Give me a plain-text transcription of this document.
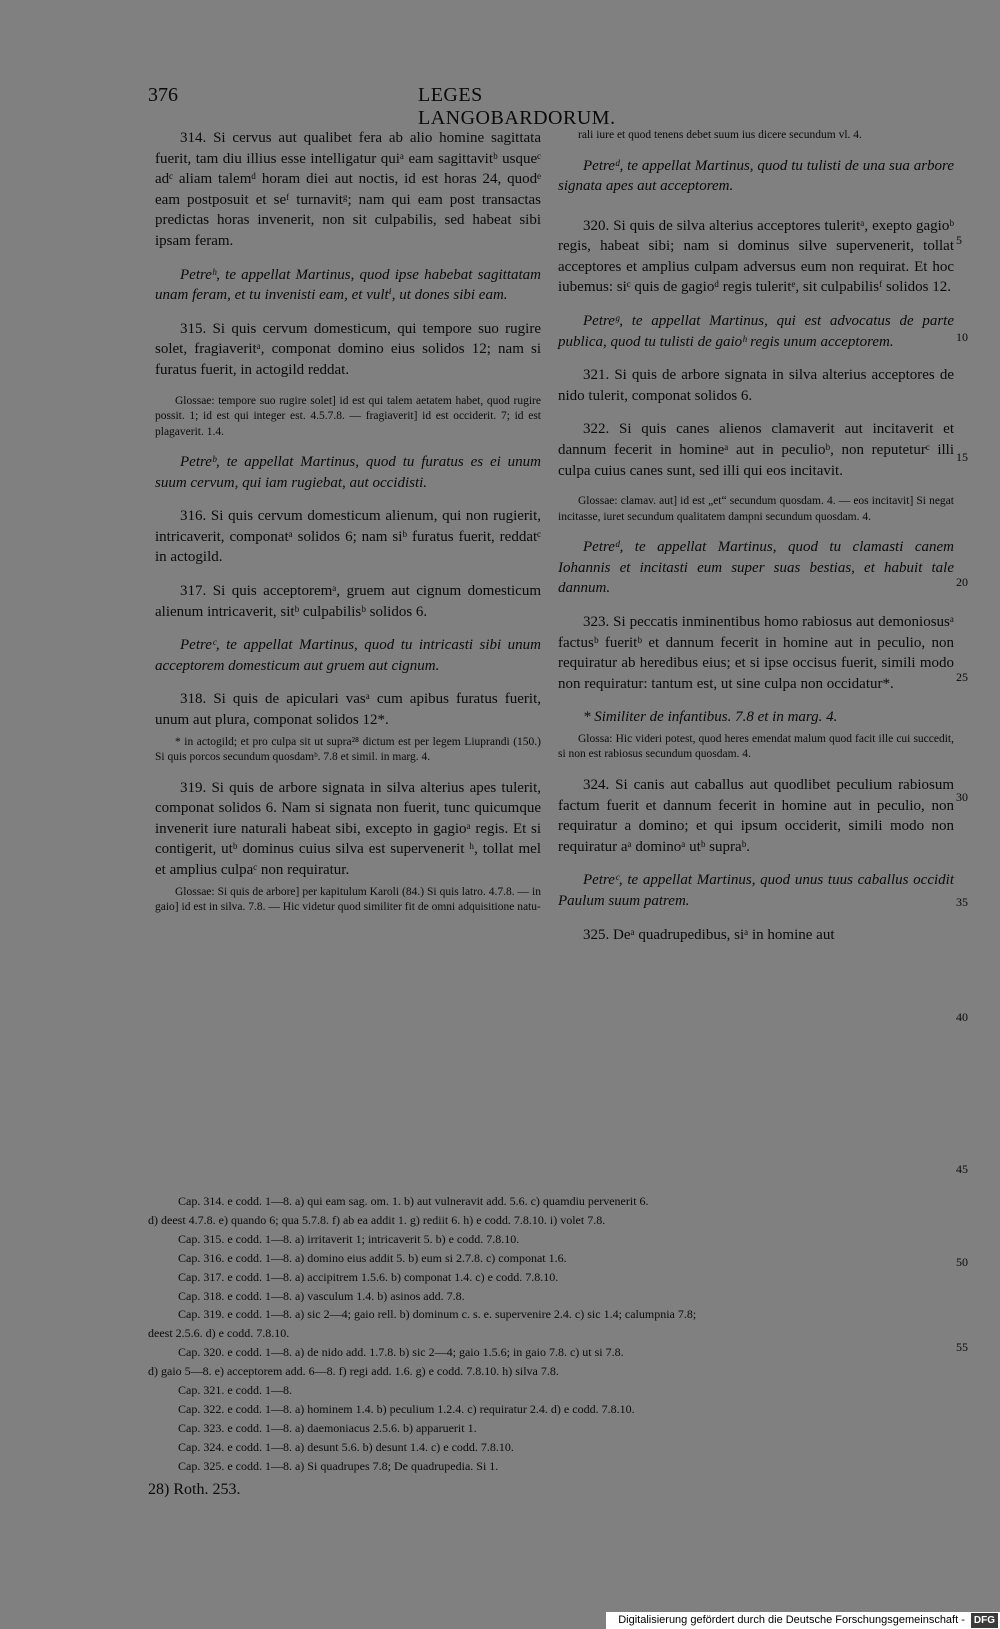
376	LEGES LANGOBARDORUM.
314. Si cervus aut qualibet fera ab alio homine sagittata fuerit, tam diu illius esse intelligatur quiᵃ eam sagittavitᵇ usqueᶜ adᶜ aliam talemᵈ horam diei aut noctis, id est horas 24, quodᵉ eam postposuit et seᶠ turnavitᵍ; nam qui eam post transactas predictas horas invenerit, non sit culpabilis, sed habeat sibi ipsam feram.
Petreʰ, te appellat Martinus, quod ipse habebat sagittatam unam feram, et tu invenisti eam, et vultⁱ, ut dones sibi eam.
315. Si quis cervum domesticum, qui tempore suo rugire solet, fragiaveritᵃ, componat domino eius solidos 12; nam si furatus fuerit, in actogild reddat.
Glossae: tempore suo rugire solet] id est qui talem aetatem habet, quod rugire possit. 1; id est qui integer est. 4.5.7.8. — fragiaverit] id est occiderit. 7; id est plagaverit. 1.4.
Petreᵇ, te appellat Martinus, quod tu furatus es ei unum suum cervum, qui iam rugiebat, aut occidisti.
316. Si quis cervum domesticum alienum, qui non rugierit, intricaverit, componatᵃ solidos 6; nam siᵇ furatus fuerit, reddatᶜ in actogild.
317. Si quis acceptoremᵃ, gruem aut cignum domesticum alienum intricaverit, sitᵇ culpabilisᵇ solidos 6.
Petreᶜ, te appellat Martinus, quod tu intricasti sibi unum acceptorem domesticum aut gruem aut cignum.
318. Si quis de apiculari vasᵃ cum apibus furatus fuerit, unum aut plura, componat solidos 12*.
* in actogild; et pro culpa sit ut supra²⁸ dictum est per legem Liuprandi (150.) Si quis porcos secundum quosdamᵇ. 7.8 et simil. in marg. 4.
319. Si quis de arbore signata in silva alterius apes tulerit, componat solidos 6. Nam si signata non fuerit, tunc quicumque invenerit iure naturali habeat sibi, excepto in gagioᵃ regis. Et si contigerit, utᵇ dominus cuius silva est supervenerit ʰ, tollat mel et amplius culpaᶜ non requiratur.
Glossae: Si quis de arbore] per kapitulum Karoli (84.) Si quis latro. 4.7.8. — in gaio] id est in silva. 7.8. — Hic videtur quod similiter fit de omni adquisitione natu-
rali iure et quod tenens debet suum ius dicere secundum vl. 4.
Petreᵈ, te appellat Martinus, quod tu tulisti de una sua arbore signata apes aut acceptorem.
320. Si quis de silva alterius acceptores tuleritᵃ, exepto gagioᵇ regis, habeat sibi; nam si dominus silve supervenerit, tollat acceptores et amplius culpam adversus eum non requirat. Et hoc iubemus: siᶜ quis de gagioᵈ regis tuleritᵉ, sit culpabilisᶠ solidos 12.
Petreᵍ, te appellat Martinus, qui est advocatus de parte publica, quod tu tulisti de gaioʰ regis unum acceptorem.
321. Si quis de arbore signata in silva alterius acceptores de nido tulerit, componat solidos 6.
322. Si quis canes alienos clamaverit aut incitaverit et dannum fecerit in homineᵃ aut in peculioᵇ, non reputeturᶜ illi culpa cuius canes sunt, sed illi qui eos incitavit.
Glossae: clamav. aut] id est „et“ secundum quosdam. 4. — eos incitavit] Si negat incitasse, iuret secundum qualitatem dampni secundum quosdam. 4.
Petreᵈ, te appellat Martinus, quod tu clamasti canem Iohannis et incitasti eum super suas bestias, et habuit tale dannum.
323. Si peccatis inminentibus homo rabiosus aut demoniosusᵃ factusᵇ fueritᵇ et dannum fecerit in homine aut in peculio, non requiratur ab heredibus eius; et si ipse occisus fuerit, simili modo non requiratur: tantum est, ut sine culpa non occidatur*.
* Similiter de infantibus. 7.8 et in marg. 4.
Glossa: Hic videri potest, quod heres emendat malum quod facit ille cui succedit, si non est rabiosus secundum quosdam. 4.
324. Si canis aut caballus aut quodlibet peculium rabiosum factum fuerit et dannum fecerit in homine aut in peculio, non requiratur a domino; et qui ipsum occiderit, simili modo non requiratur aᵃ dominoᵃ utᵇ supraᵇ.
Petreᶜ, te appellat Martinus, quod unus tuus caballus occidit Paulum suum patrem.
325. Deᵃ quadrupedibus, siᵃ in homine aut
5
10
15
20
25
30
35
40
45
50
55
Cap. 314. e codd. 1—8. a) qui eam sag. om. 1. b) aut vulneravit add. 5.6. c) quamdiu pervenerit 6.
d) deest 4.7.8. e) quando 6; qua 5.7.8. f) ab ea addit 1. g) rediit 6. h) e codd. 7.8.10. i) volet 7.8.
Cap. 315. e codd. 1—8. a) irritaverit 1; intricaverit 5. b) e codd. 7.8.10.
Cap. 316. e codd. 1—8. a) domino eius addit 5. b) eum si 2.7.8. c) componat 1.6.
Cap. 317. e codd. 1—8. a) accipitrem 1.5.6. b) componat 1.4. c) e codd. 7.8.10.
Cap. 318. e codd. 1—8. a) vasculum 1.4. b) asinos add. 7.8.
Cap. 319. e codd. 1—8. a) sic 2—4; gaio rell. b) dominum c. s. e. supervenire 2.4. c) sic 1.4; calumpnia 7.8;
deest 2.5.6. d) e codd. 7.8.10.
Cap. 320. e codd. 1—8. a) de nido add. 1.7.8. b) sic 2—4; gaio 1.5.6; in gaio 7.8. c) ut si 7.8.
d) gaio 5—8. e) acceptorem add. 6—8. f) regi add. 1.6. g) e codd. 7.8.10. h) silva 7.8.
Cap. 321. e codd. 1—8.
Cap. 322. e codd. 1—8. a) hominem 1.4. b) peculium 1.2.4. c) requiratur 2.4. d) e codd. 7.8.10.
Cap. 323. e codd. 1—8. a) daemoniacus 2.5.6. b) apparuerit 1.
Cap. 324. e codd. 1—8. a) desunt 5.6. b) desunt 1.4. c) e codd. 7.8.10.
Cap. 325. e codd. 1—8. a) Si quadrupes 7.8; De quadrupedia. Si 1.
28) Roth. 253.
Digitalisierung gefördert durch die Deutsche Forschungsgemeinschaft - DFG
